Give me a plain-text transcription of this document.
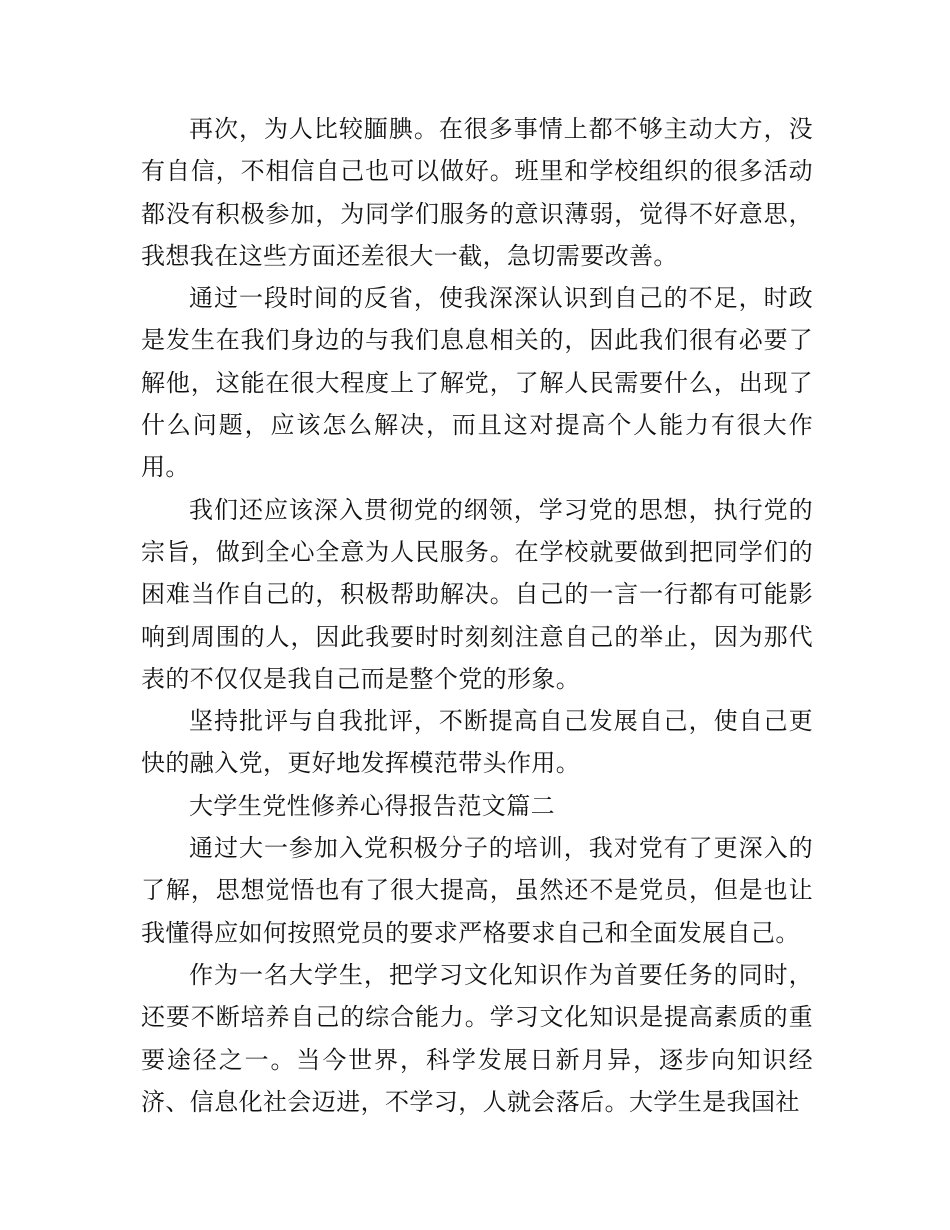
再次，为人比较腼腆。在很多事情上都不够主动大方，没有自信，不相信自己也可以做好。班里和学校组织的很多活动都没有积极参加，为同学们服务的意识薄弱，觉得不好意思，我想我在这些方面还差很大一截，急切需要改善。

通过一段时间的反省，使我深深认识到自己的不足，时政是发生在我们身边的与我们息息相关的，因此我们很有必要了解他，这能在很大程度上了解党，了解人民需要什么，出现了什么问题，应该怎么解决，而且这对提高个人能力有很大作用。

我们还应该深入贯彻党的纲领，学习党的思想，执行党的宗旨，做到全心全意为人民服务。在学校就要做到把同学们的困难当作自己的，积极帮助解决。自己的一言一行都有可能影响到周围的人，因此我要时时刻刻注意自己的举止，因为那代表的不仅仅是我自己而是整个党的形象。

坚持批评与自我批评，不断提高自己发展自己，使自己更快的融入党，更好地发挥模范带头作用。

大学生党性修养心得报告范文篇二

通过大一参加入党积极分子的培训，我对党有了更深入的了解，思想觉悟也有了很大提高，虽然还不是党员，但是也让我懂得应如何按照党员的要求严格要求自己和全面发展自己。

作为一名大学生，把学习文化知识作为首要任务的同时，还要不断培养自己的综合能力。学习文化知识是提高素质的重要途径之一。当今世界，科学发展日新月异，逐步向知识经济、信息化社会迈进，不学习，人就会落后。大学生是我国社
